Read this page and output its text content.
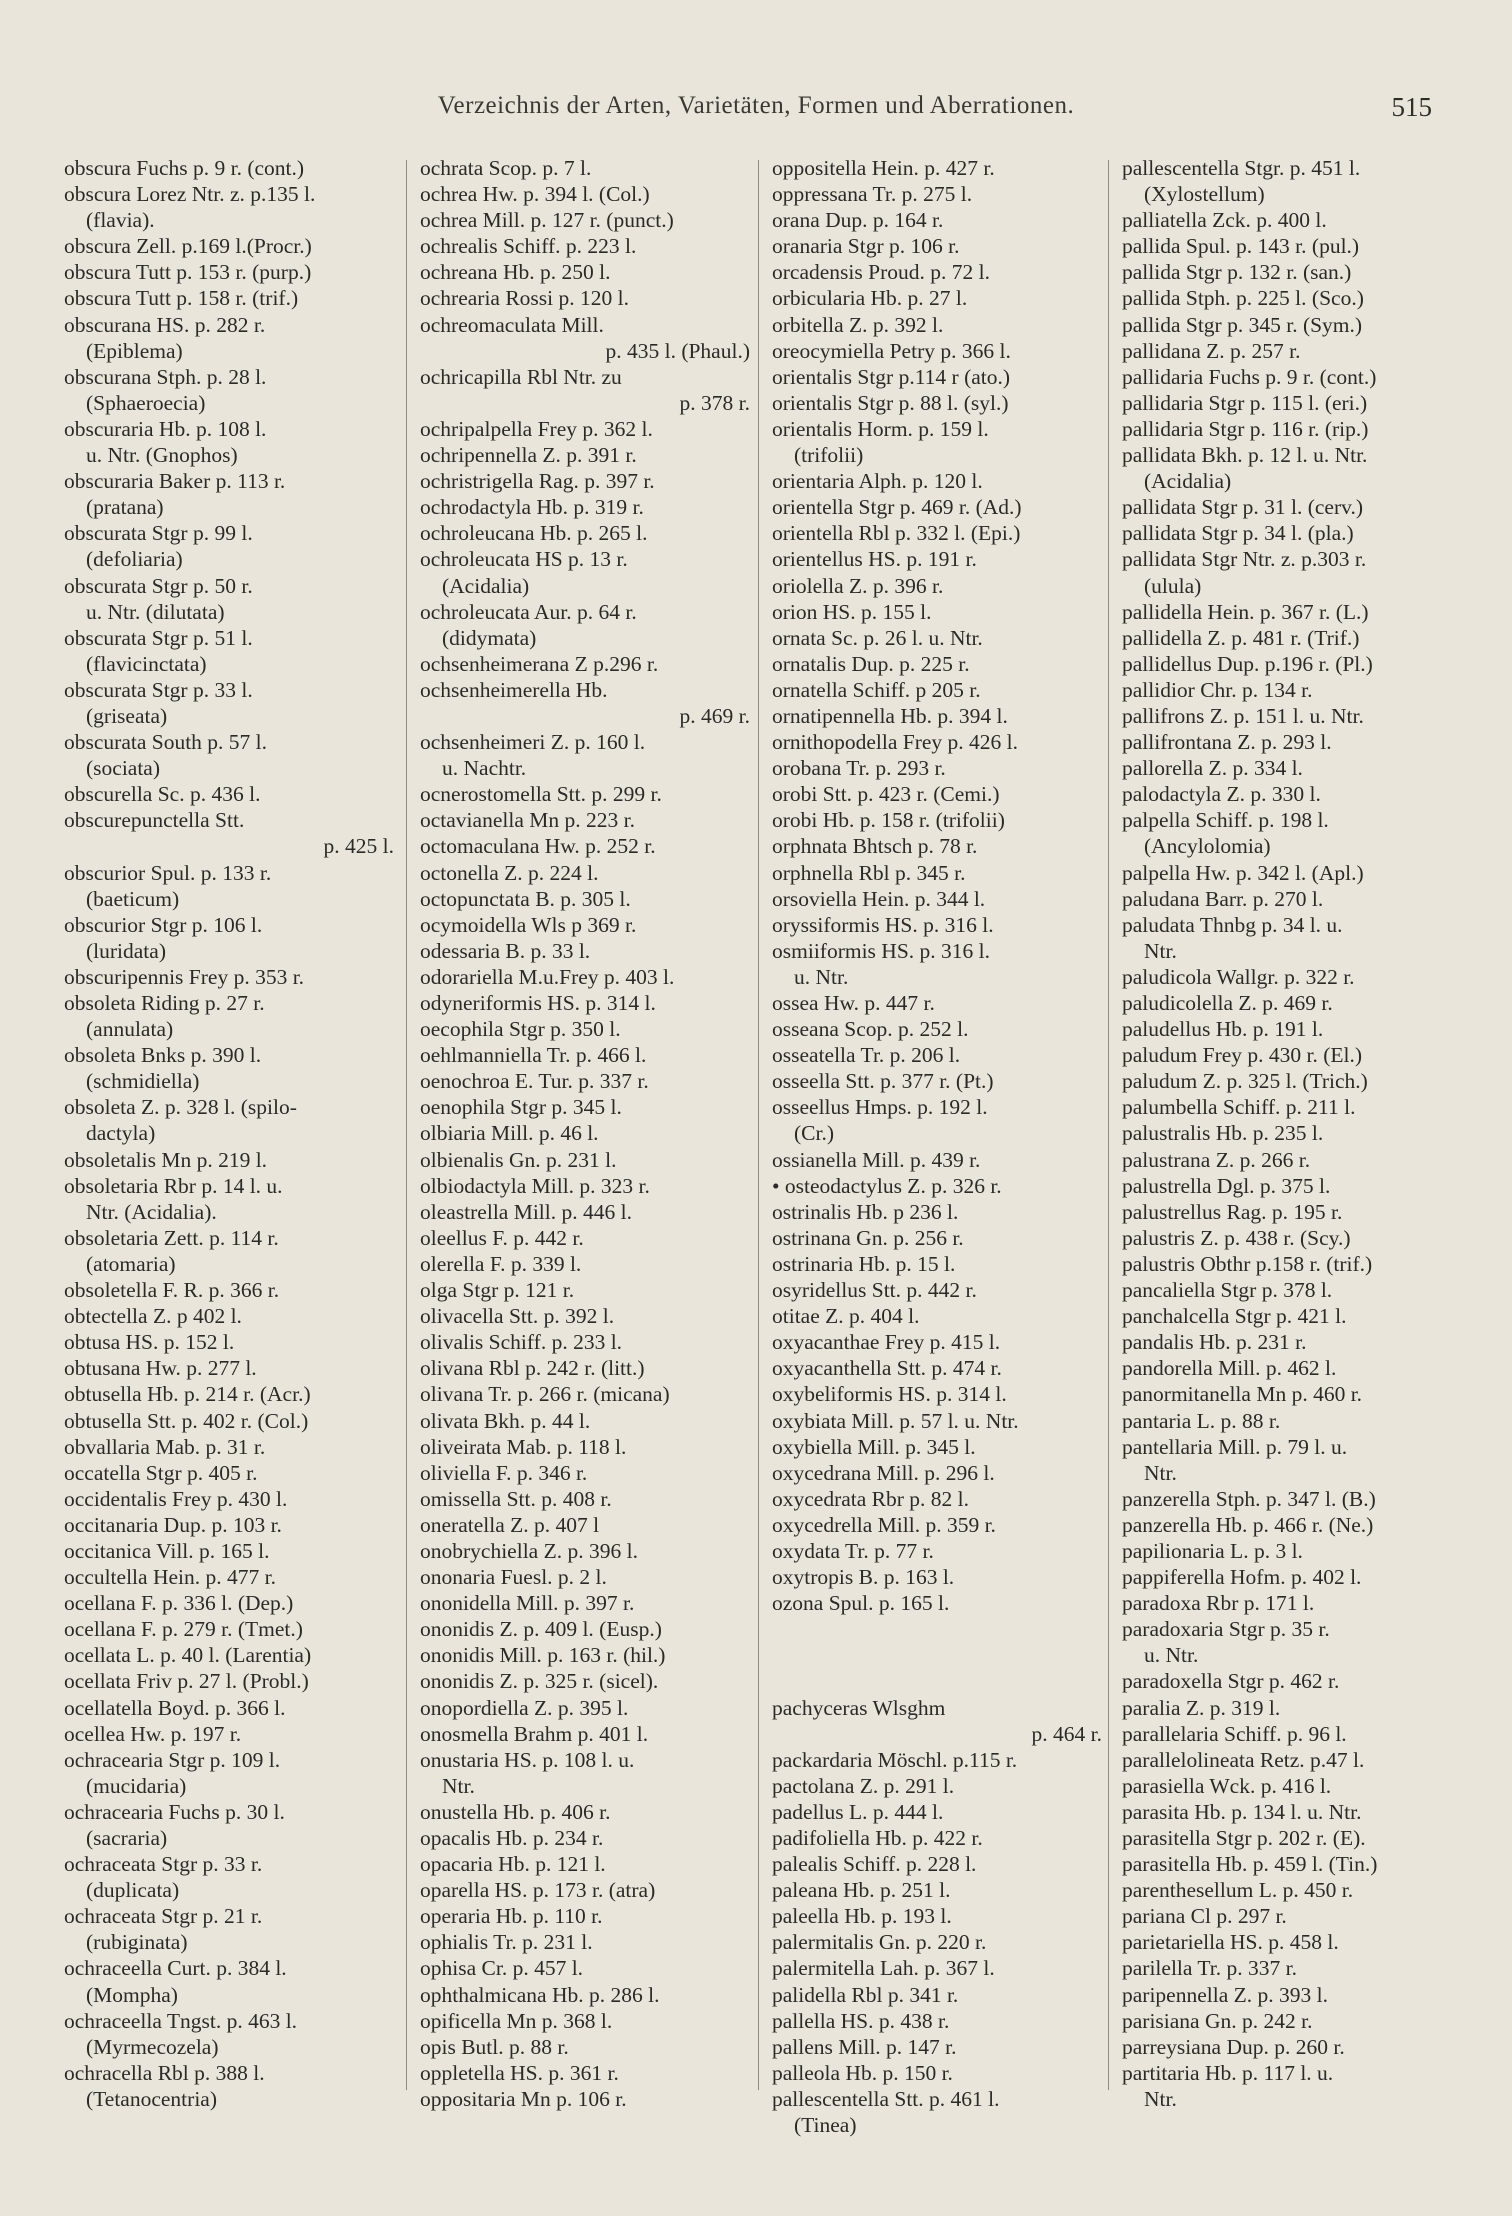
Verzeichnis der Arten, Varietäten, Formen und Aberrationen.	515
obscura Fuchs p. 9 r. (cont.)
obscura Lorez Ntr. z. p.135 l.
(flavia).
obscura Zell. p.169 l.(Procr.)
obscura Tutt p. 153 r. (purp.)
obscura Tutt p. 158 r. (trif.)
obscurana HS. p. 282 r.
(Epiblema)
obscurana Stph. p. 28 l.
(Sphaeroecia)
obscuraria Hb. p. 108 l.
u. Ntr. (Gnophos)
obscuraria Baker p. 113 r.
(pratana)
obscurata Stgr p. 99 l.
(defoliaria)
obscurata Stgr p. 50 r.
u. Ntr. (dilutata)
obscurata Stgr p. 51 l.
(flavicinctata)
obscurata Stgr p. 33 l.
(griseata)
obscurata South p. 57 l.
(sociata)
obscurella Sc. p. 436 l.
obscurepunctella Stt.
p. 425 l.
obscurior Spul. p. 133 r.
(baeticum)
obscurior Stgr p. 106 l.
(luridata)
obscuripennis Frey p. 353 r.
obsoleta Riding p. 27 r.
(annulata)
obsoleta Bnks p. 390 l.
(schmidiella)
obsoleta Z. p. 328 l. (spilo-
dactyla)
obsoletalis Mn p. 219 l.
obsoletaria Rbr p. 14 l. u.
Ntr. (Acidalia).
obsoletaria Zett. p. 114 r.
(atomaria)
obsoletella F. R. p. 366 r.
obtectella Z. p 402 l.
obtusa HS. p. 152 l.
obtusana Hw. p. 277 l.
obtusella Hb. p. 214 r. (Acr.)
obtusella Stt. p. 402 r. (Col.)
obvallaria Mab. p. 31 r.
occatella Stgr p. 405 r.
occidentalis Frey p. 430 l.
occitanaria Dup. p. 103 r.
occitanica Vill. p. 165 l.
occultella Hein. p. 477 r.
ocellana F. p. 336 l. (Dep.)
ocellana F. p. 279 r. (Tmet.)
ocellata L. p. 40 l. (Larentia)
ocellata Friv p. 27 l. (Probl.)
ocellatella Boyd. p. 366 l.
ocellea Hw. p. 197 r.
ochracearia Stgr p. 109 l.
(mucidaria)
ochracearia Fuchs p. 30 l.
(sacraria)
ochraceata Stgr p. 33 r.
(duplicata)
ochraceata Stgr p. 21 r.
(rubiginata)
ochraceella Curt. p. 384 l.
(Mompha)
ochraceella Tngst. p. 463 l.
(Myrmecozela)
ochracella Rbl p. 388 l.
(Tetanocentria)
ochrata Scop. p. 7 l.
ochrea Hw. p. 394 l. (Col.)
ochrea Mill. p. 127 r. (punct.)
ochrealis Schiff. p. 223 l.
ochreana Hb. p. 250 l.
ochrearia Rossi p. 120 l.
ochreomaculata Mill.
p. 435 l. (Phaul.)
ochricapilla Rbl Ntr. zu
p. 378 r.
ochripalpella Frey p. 362 l.
ochripennella Z. p. 391 r.
ochristrigella Rag. p. 397 r.
ochrodactyla Hb. p. 319 r.
ochroleucana Hb. p. 265 l.
ochroleucata HS p. 13 r.
(Acidalia)
ochroleucata Aur. p. 64 r.
(didymata)
ochsenheimerana Z p.296 r.
ochsenheimerella Hb.
p. 469 r.
ochsenheimeri Z. p. 160 l.
u. Nachtr.
ocnerostomella Stt. p. 299 r.
octavianella Mn p. 223 r.
octomaculana Hw. p. 252 r.
octonella Z. p. 224 l.
octopunctata B. p. 305 l.
ocymoidella Wls p 369 r.
odessaria B. p. 33 l.
odorariella M.u.Frey p. 403 l.
odyneriformis HS. p. 314 l.
oecophila Stgr p. 350 l.
oehlmanniella Tr. p. 466 l.
oenochroa E. Tur. p. 337 r.
oenophila Stgr p. 345 l.
olbiaria Mill. p. 46 l.
olbienalis Gn. p. 231 l.
olbiodactyla Mill. p. 323 r.
oleastrella Mill. p. 446 l.
oleellus F. p. 442 r.
olerella F. p. 339 l.
olga Stgr p. 121 r.
olivacella Stt. p. 392 l.
olivalis Schiff. p. 233 l.
olivana Rbl p. 242 r. (litt.)
olivana Tr. p. 266 r. (micana)
olivata Bkh. p. 44 l.
oliveirata Mab. p. 118 l.
oliviella F. p. 346 r.
omissella Stt. p. 408 r.
oneratella Z. p. 407 l
onobrychiella Z. p. 396 l.
ononaria Fuesl. p. 2 l.
ononidella Mill. p. 397 r.
ononidis Z. p. 409 l. (Eusp.)
ononidis Mill. p. 163 r. (hil.)
ononidis Z. p. 325 r. (sicel).
onopordiella Z. p. 395 l.
onosmella Brahm p. 401 l.
onustaria HS. p. 108 l. u.
Ntr.
onustella Hb. p. 406 r.
opacalis Hb. p. 234 r.
opacaria Hb. p. 121 l.
oparella HS. p. 173 r. (atra)
operaria Hb. p. 110 r.
ophialis Tr. p. 231 l.
ophisa Cr. p. 457 l.
ophthalmicana Hb. p. 286 l.
opificella Mn p. 368 l.
opis Butl. p. 88 r.
oppletella HS. p. 361 r.
oppositaria Mn p. 106 r.
oppositella Hein. p. 427 r.
oppressana Tr. p. 275 l.
orana Dup. p. 164 r.
oranaria Stgr p. 106 r.
orcadensis Proud. p. 72 l.
orbicularia Hb. p. 27 l.
orbitella Z. p. 392 l.
oreocymiella Petry p. 366 l.
orientalis Stgr p.114 r (ato.)
orientalis Stgr p. 88 l. (syl.)
orientalis Horm. p. 159 l.
(trifolii)
orientaria Alph. p. 120 l.
orientella Stgr p. 469 r. (Ad.)
orientella Rbl p. 332 l. (Epi.)
orientellus HS. p. 191 r.
oriolella Z. p. 396 r.
orion HS. p. 155 l.
ornata Sc. p. 26 l. u. Ntr.
ornatalis Dup. p. 225 r.
ornatella Schiff. p 205 r.
ornatipennella Hb. p. 394 l.
ornithopodella Frey p. 426 l.
orobana Tr. p. 293 r.
orobi Stt. p. 423 r. (Cemi.)
orobi Hb. p. 158 r. (trifolii)
orphnata Bhtsch p. 78 r.
orphnella Rbl p. 345 r.
orsoviella Hein. p. 344 l.
oryssiformis HS. p. 316 l.
osmiiformis HS. p. 316 l.
u. Ntr.
ossea Hw. p. 447 r.
osseana Scop. p. 252 l.
osseatella Tr. p. 206 l.
osseella Stt. p. 377 r. (Pt.)
osseellus Hmps. p. 192 l.
(Cr.)
ossianella Mill. p. 439 r.
• osteodactylus Z. p. 326 r.
ostrinalis Hb. p 236 l.
ostrinana Gn. p. 256 r.
ostrinaria Hb. p. 15 l.
osyridellus Stt. p. 442 r.
otitae Z. p. 404 l.
oxyacanthae Frey p. 415 l.
oxyacanthella Stt. p. 474 r.
oxybeliformis HS. p. 314 l.
oxybiata Mill. p. 57 l. u. Ntr.
oxybiella Mill. p. 345 l.
oxycedrana Mill. p. 296 l.
oxycedrata Rbr p. 82 l.
oxycedrella Mill. p. 359 r.
oxydata Tr. p. 77 r.
oxytropis B. p. 163 l.
ozona Spul. p. 165 l.
pachyceras Wlsghm
p. 464 r.
packardaria Möschl. p.115 r.
pactolana Z. p. 291 l.
padellus L. p. 444 l.
padifoliella Hb. p. 422 r.
palealis Schiff. p. 228 l.
paleana Hb. p. 251 l.
paleella Hb. p. 193 l.
palermitalis Gn. p. 220 r.
palermitella Lah. p. 367 l.
palidella Rbl p. 341 r.
pallella HS. p. 438 r.
pallens Mill. p. 147 r.
palleola Hb. p. 150 r.
pallescentella Stt. p. 461 l.
(Tinea)
pallescentella Stgr. p. 451 l.
(Xylostellum)
palliatella Zck. p. 400 l.
pallida Spul. p. 143 r. (pul.)
pallida Stgr p. 132 r. (san.)
pallida Stph. p. 225 l. (Sco.)
pallida Stgr p. 345 r. (Sym.)
pallidana Z. p. 257 r.
pallidaria Fuchs p. 9 r. (cont.)
pallidaria Stgr p. 115 l. (eri.)
pallidaria Stgr p. 116 r. (rip.)
pallidata Bkh. p. 12 l. u. Ntr.
(Acidalia)
pallidata Stgr p. 31 l. (cerv.)
pallidata Stgr p. 34 l. (pla.)
pallidata Stgr Ntr. z. p.303 r.
(ulula)
pallidella Hein. p. 367 r. (L.)
pallidella Z. p. 481 r. (Trif.)
pallidellus Dup. p.196 r. (Pl.)
pallidior Chr. p. 134 r.
pallifrons Z. p. 151 l. u. Ntr.
pallifrontana Z. p. 293 l.
pallorella Z. p. 334 l.
palodactyla Z. p. 330 l.
palpella Schiff. p. 198 l.
(Ancylolomia)
palpella Hw. p. 342 l. (Apl.)
paludana Barr. p. 270 l.
paludata Thnbg p. 34 l. u.
Ntr.
paludicola Wallgr. p. 322 r.
paludicolella Z. p. 469 r.
paludellus Hb. p. 191 l.
paludum Frey p. 430 r. (El.)
paludum Z. p. 325 l. (Trich.)
palumbella Schiff. p. 211 l.
palustralis Hb. p. 235 l.
palustrana Z. p. 266 r.
palustrella Dgl. p. 375 l.
palustrellus Rag. p. 195 r.
palustris Z. p. 438 r. (Scy.)
palustris Obthr p.158 r. (trif.)
pancaliella Stgr p. 378 l.
panchalcella Stgr p. 421 l.
pandalis Hb. p. 231 r.
pandorella Mill. p. 462 l.
panormitanella Mn p. 460 r.
pantaria L. p. 88 r.
pantellaria Mill. p. 79 l. u.
Ntr.
panzerella Stph. p. 347 l. (B.)
panzerella Hb. p. 466 r. (Ne.)
papilionaria L. p. 3 l.
pappiferella Hofm. p. 402 l.
paradoxa Rbr p. 171 l.
paradoxaria Stgr p. 35 r.
u. Ntr.
paradoxella Stgr p. 462 r.
paralia Z. p. 319 l.
parallelaria Schiff. p. 96 l.
parallelolineata Retz. p.47 l.
parasiella Wck. p. 416 l.
parasita Hb. p. 134 l. u. Ntr.
parasitella Stgr p. 202 r. (E).
parasitella Hb. p. 459 l. (Tin.)
parenthesellum L. p. 450 r.
pariana Cl p. 297 r.
parietariella HS. p. 458 l.
parilella Tr. p. 337 r.
paripennella Z. p. 393 l.
parisiana Gn. p. 242 r.
parreysiana Dup. p. 260 r.
partitaria Hb. p. 117 l. u.
Ntr.
